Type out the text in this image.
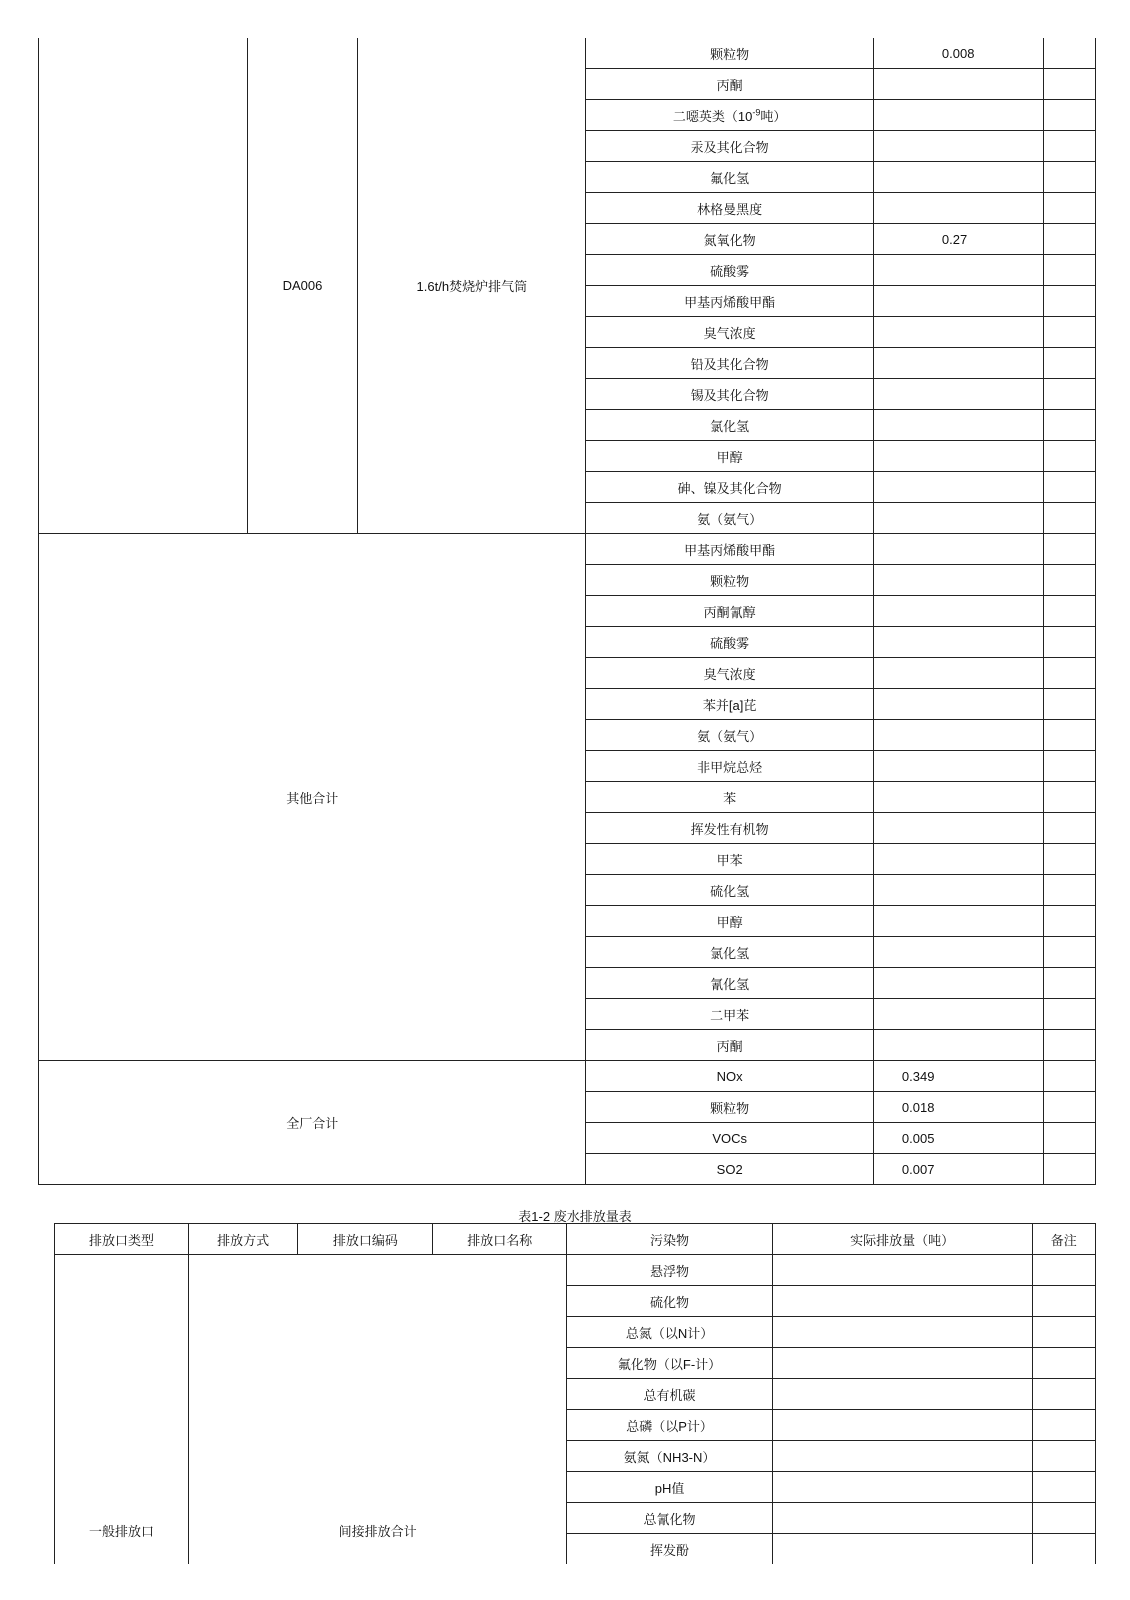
	DA006	1.6t/h焚烧炉排气筒	颗粒物	0.008	
			丙酮		
			二噁英类（$10^{-9}$吨）		
			汞及其化合物		
			氟化氢		
			林格曼黑度		
			氮氧化物	0.27	
			硫酸雾		
			甲基丙烯酸甲酯		
			臭气浓度		
			铅及其化合物		
			锡及其化合物		
			氯化氢		
			甲醇		
			砷、镍及其化合物		
			氨（氨气）		
其他合计			甲基丙烯酸甲酯		
			颗粒物		
			丙酮氰醇		
			硫酸雾		
			臭气浓度		
			苯并[a]芘		
			氨（氨气）		
			非甲烷总烃		
			苯		
			挥发性有机物		
			甲苯		
			硫化氢		
			甲醇		
			氯化氢		
			氰化氢		
			二甲苯		
			丙酮		
全厂合计			NOx	0.349	
			颗粒物	0.018	
			VOCs	0.005	
			SO2	0.007	
表1-2 废水排放量表
排放口类型	排放方式	排放口编码	排放口名称	污染物	实际排放量（吨）	备注
一般排放口	间接排放合计			悬浮物		
				硫化物		
				总氮（以N计）		
				氟化物（以F-计）		
				总有机碳		
				总磷（以P计）		
				氨氮（NH3-N）		
				pH值		
				总氰化物		
				挥发酚		
